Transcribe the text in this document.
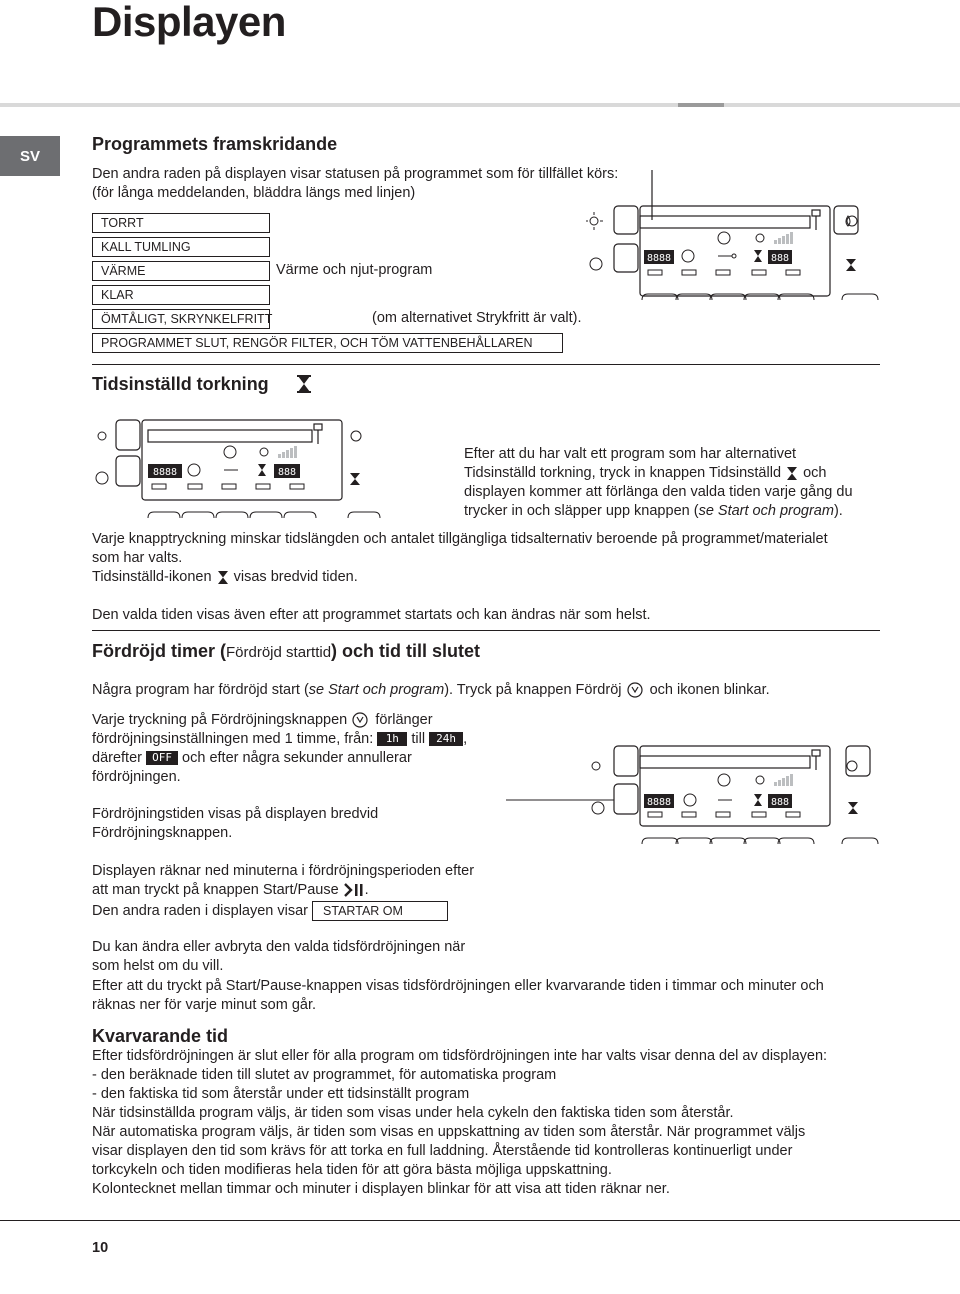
Displayen
SV
Programmets framskridande
Den andra raden på displayen visar statusen på programmet som för tillfället körs:
(för långa meddelanden, bläddra längs med linjen)
TORRT
KALL TUMLING
VÄRME	Värme och njut-program
KLAR
ÖMTÅLIGT, SKRYNKELFRITT	(om alternativet Strykfritt är valt).
PROGRAMMET SLUT, RENGÖR FILTER, OCH TÖM VATTENBEHÅLLAREN
8888	888
Tidsinställd torkning
8888	888
Efter att du har valt ett program som har alternativet
Tidsinställd torkning, tryck in knappen Tidsinställd och
displayen kommer att förlänga den valda tiden varje gång du
trycker in och släpper upp knappen (se Start och program).
Varje knapptryckning minskar tidslängden och antalet tillgängliga tidsalternativ beroende på programmet/materialet
som har valts.
Tidsinställd-ikonen visas bredvid tiden.
Den valda tiden visas även efter att programmet startats och kan ändras när som helst.
Fördröjd timer (Fördröjd starttid) och tid till slutet
Några program har fördröjd start (se Start och program). Tryck på knappen Fördröj och ikonen blinkar.
Varje tryckning på Fördröjningsknappen förlänger
fördröjningsinställningen med 1 timme, från: 1h till 24h ,
därefter OFF och efter några sekunder annullerar
fördröjningen.
Fördröjningstiden visas på displayen bredvid
Fördröjningsknappen.
8888	888
Displayen räknar ned minuterna i fördröjningsperioden efter
att man tryckt på knappen Start/Pause .
Den andra raden i displayen visar STARTAR OM
Du kan ändra eller avbryta den valda tidsfördröjningen när
som helst om du vill.
Efter att du tryckt på Start/Pause-knappen visas tidsfördröjningen eller kvarvarande tiden i timmar och minuter och
räknas ner för varje minut som går.
Kvarvarande tid
Efter tidsfördröjningen är slut eller för alla program om tidsfördröjningen inte har valts visar denna del av displayen:
- den beräknade tiden till slutet av programmet, för automatiska program
- den faktiska tid som återstår under ett tidsinställt program
När tidsinställda program väljs, är tiden som visas under hela cykeln den faktiska tiden som återstår.
När automatiska program väljs, är tiden som visas en uppskattning av tiden som återstår. När programmet väljs
visar displayen den tid som krävs för att torka en full laddning. Återstående tid kontrolleras kontinuerligt under
torkcykeln och tiden modifieras hela tiden för att göra bästa möjliga uppskattning.
Kolontecknet mellan timmar och minuter i displayen blinkar för att visa att tiden räknar ner.
10
